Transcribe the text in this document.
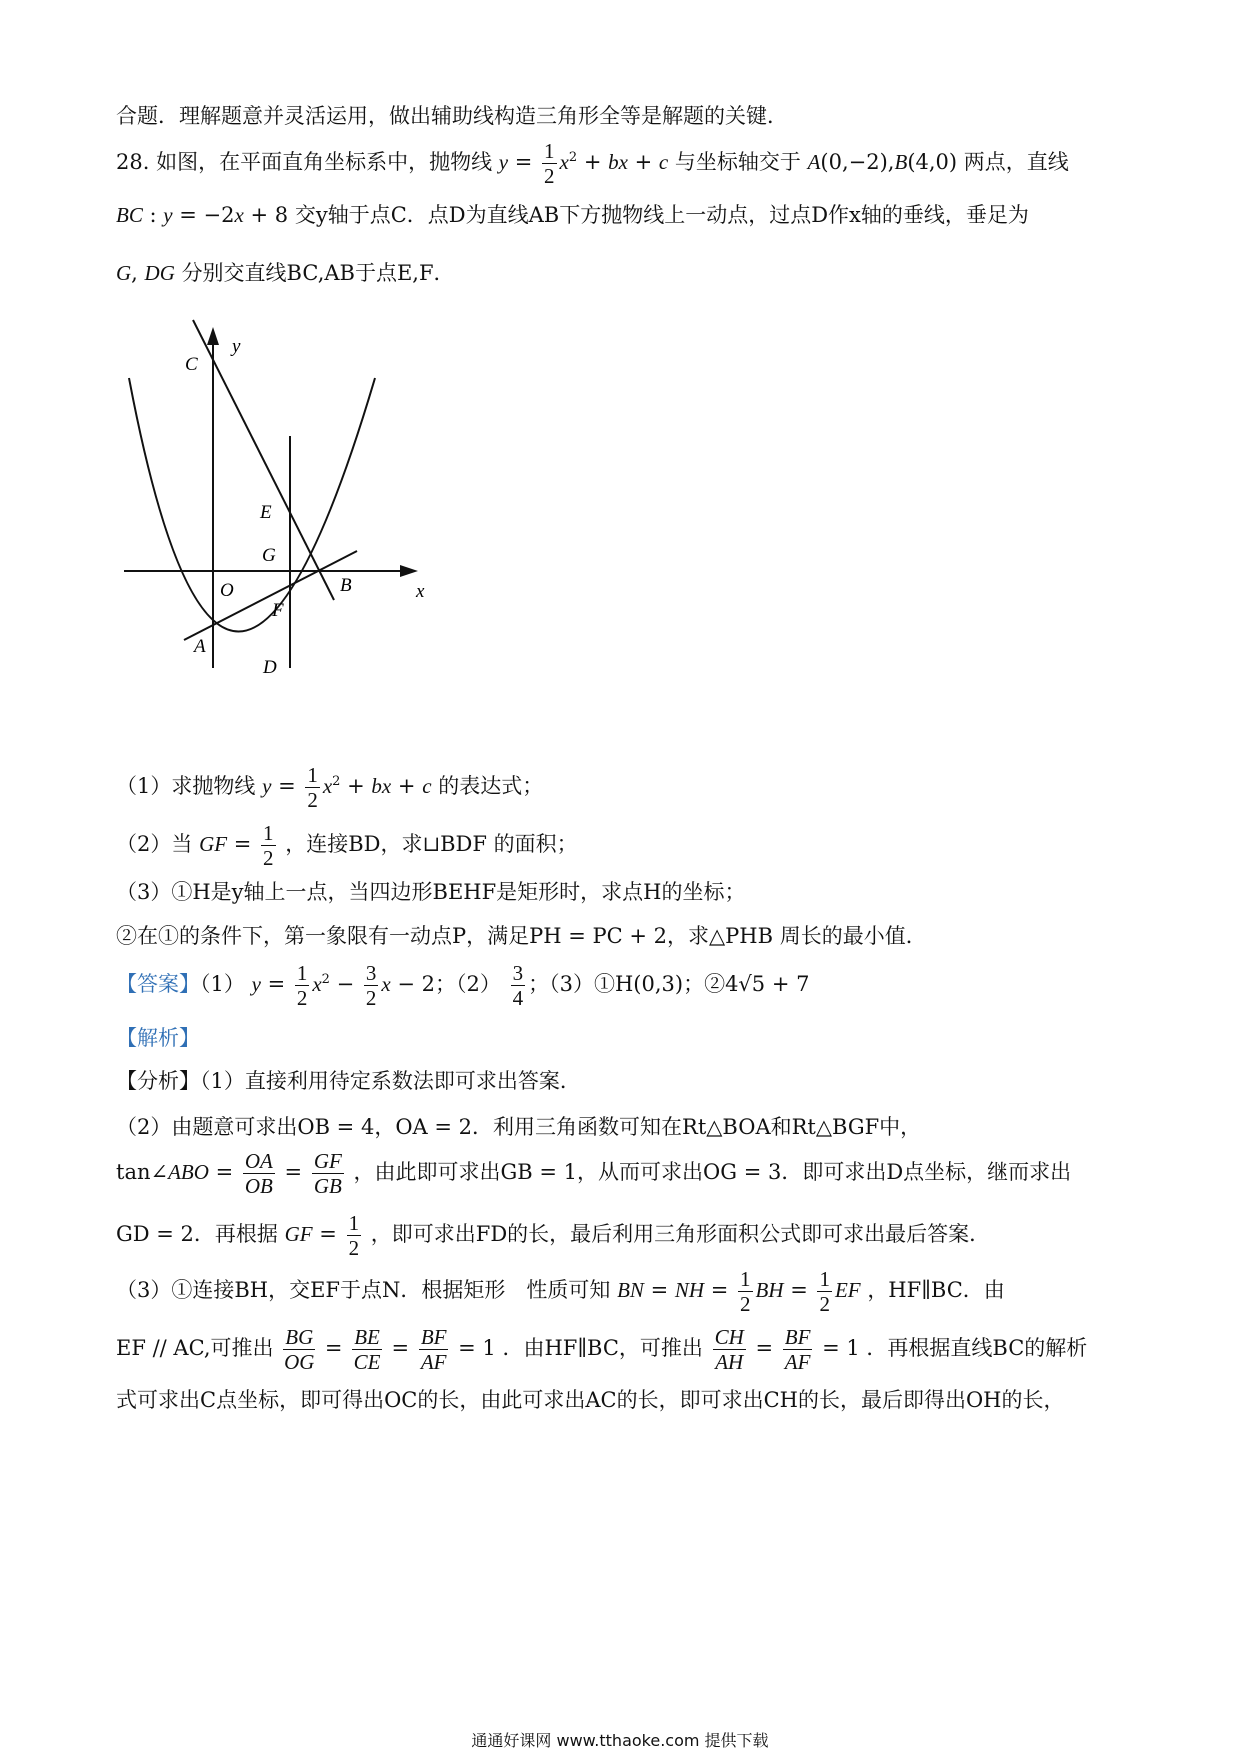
合题．理解题意并灵活运用，做出辅助线构造三角形全等是解题的关键．
28. 如图，在平面直角坐标系中，抛物线 $y = \frac{1}{2} x^2$ + bx + c 与坐标轴交于 A(0,−2),B(4,0) 两点，直线
BC : y = −2x + 8 交y轴于点C．点D为直线AB下方抛物线上一动点，过点D作x轴的垂线，垂足为
G, DG 分别交直线BC,AB于点E,F．
C
y
E
G
O	B	x
F
A
D
（1）求抛物线 $y = \frac{1}{2} x^2$ + bx + c 的表达式；
（2）当 GF = $\frac{1}{2}$ ，连接BD，求⊔BDF 的面积；
（3）①H是y轴上一点，当四边形BEHF是矩形时，求点H的坐标；
②在①的条件下，第一象限有一动点P，满足PH = PC + 2，求△PHB 周长的最小值．
【答案】（1） $y = \frac{1}{2} x^2 - \frac{3}{2}$ x − 2；$(2) \frac{3}{4}$ ；（3）①H(0,3)；②4√5 + 7
【解析】
【分析】（1）直接利用待定系数法即可求出答案．
（2）由题意可求出OB = 4，OA = 2．利用三角函数可知在Rt△BOA和Rt△BGF中，
tan∠ABO = $\frac{OA}{OB} = \frac{GF}{GB}$ ，由此即可求出GB = 1，从而可求出OG = 3．即可求出D点坐标，继而求出
GD = 2．再根据 GF = $\frac{1}{2}$ ，即可求出FD的长，最后利用三角形面积公式即可求出最后答案．
（3）①连接BH，交EF于点N．根据矩形　性质可知 BN = NH = $\frac{1}{2}$ BH = $\frac{1}{2}$ EF ，HF∥BC．由
EF // AC,可推出 $\frac{BG}{OG} = \frac{BE}{CE} = \frac{BF}{AF} = 1$ ．由HF∥BC，可推出 $\frac{CH}{AH} = \frac{BF}{AF} = 1$ ．再根据直线BC的解析
式可求出C点坐标，即可得出OC的长，由此可求出AC的长，即可求出CH的长，最后即得出OH的长，
通通好课网 www.tthaoke.com 提供下载
